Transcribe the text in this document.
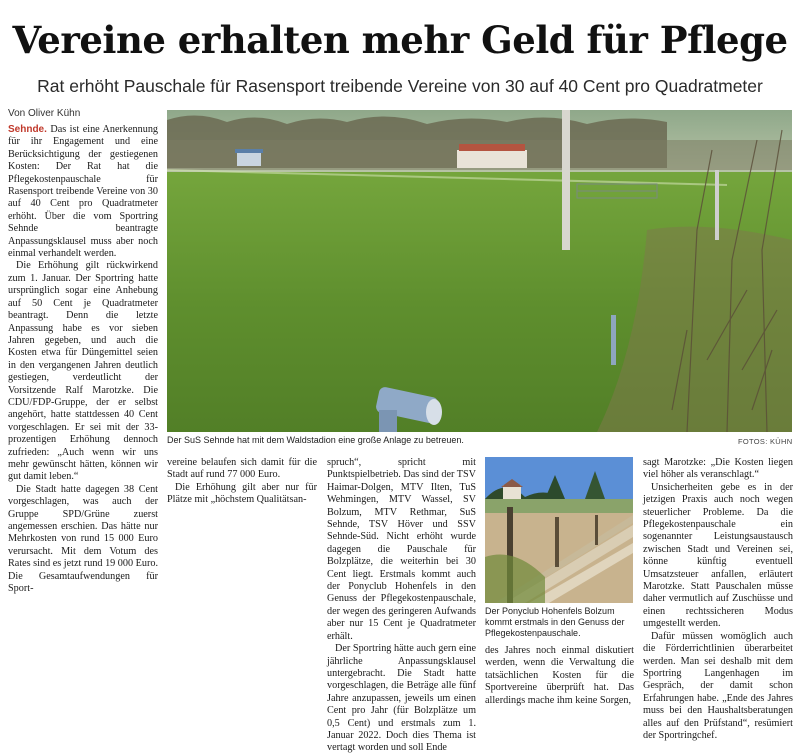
Vereine erhalten mehr Geld für Pflege
Rat erhöht Pauschale für Rasensport treibende Vereine von 30 auf 40 Cent pro Quadratmeter
Von Oliver Kühn

Sehnde. Das ist eine Anerkennung für ihr Engagement und eine Berücksichtigung der gestiegenen Kosten: Der Rat hat die Pflegekostenpauschale für Rasensport treibende Vereine von 30 auf 40 Cent pro Quadratmeter erhöht. Über die vom Sportring Sehnde beantragte Anpassungsklausel muss aber noch einmal verhandelt werden.

Die Erhöhung gilt rückwirkend zum 1. Januar. Der Sportring hatte ursprünglich sogar eine Anhebung auf 50 Cent je Quadratmeter beantragt. Denn die letzte Anpassung habe es vor sieben Jahren gegeben, und auch die Kosten etwa für Düngemittel seien in den vergangenen Jahren deutlich gestiegen, verdeutlicht der Vorsitzende Ralf Marotzke. Die CDU/FDP-Gruppe, der er selbst angehört, hatte stattdessen 40 Cent vorgeschlagen. Er sei mit der 33-prozentigen Erhöhung dennoch zufrieden: „Auch wenn wir uns mehr gewünscht hätten, können wir gut damit leben.“

Die Stadt hatte dagegen 38 Cent vorgeschlagen, was auch der Gruppe SPD/Grüne zuerst angemessen erschien. Das hätte nur Mehrkosten von rund 15 000 Euro verursacht. Mit dem Votum des Rates sind es jetzt rund 19 000 Euro. Die Gesamtaufwendungen für Sport-

Der SuS Sehnde hat mit dem Waldstadion eine große Anlage zu betreuen.	FOTOS: KÜHN

vereine belaufen sich damit für die Stadt auf rund 77 000 Euro.

Die Erhöhung gilt aber nur für Plätze mit „höchstem Qualitätsan-

spruch“, spricht mit Punktspielbetrieb. Das sind der TSV Haimar-Dolgen, MTV Ilten, TuS Wehmingen, MTV Wassel, SV Bolzum, MTV Rethmar, SuS Sehnde, TSV Höver und SSV Sehnde-Süd. Nicht erhöht wurde dagegen die Pauschale für Bolzplätze, die weiterhin bei 30 Cent liegt. Erstmals kommt auch der Ponyclub Hohenfels in den Genuss der Pflegekostenpauschale, der wegen des geringeren Aufwands aber nur 15 Cent je Quadratmeter erhält.

Der Sportring hätte auch gern eine jährliche Anpassungsklausel untergebracht. Die Stadt hatte vorgeschlagen, die Beträge alle fünf Jahre anzupassen, jeweils um einen Cent pro Jahr (für Bolzplätze um 0,5 Cent) und erstmals zum 1. Januar 2022. Doch dies Thema ist vertagt worden und soll Ende

Der Ponyclub Hohenfels Bolzum kommt erstmals in den Genuss der Pflegekostenpauschale.

des Jahres noch einmal diskutiert werden, wenn die Verwaltung die tatsächlichen Kosten für die Sportvereine überprüft hat. Das allerdings mache ihm keine Sorgen,

sagt Marotzke: „Die Kosten liegen viel höher als veranschlagt.“

Unsicherheiten gebe es in der jetzigen Praxis auch noch wegen steuerlicher Probleme. Da die Pflegekostenpauschale ein sogenannter Leistungsaustausch zwischen Stadt und Vereinen sei, könne künftig eventuell Umsatzsteuer anfallen, erläutert Marotzke. Statt Pauschalen müsse daher vermutlich auf Zuschüsse und einen rechtssicheren Modus umgestellt werden.

Dafür müssen womöglich auch die Förderrichtlinien überarbeitet werden. Man sei deshalb mit dem Sportring Langenhagen im Gespräch, der damit schon Erfahrungen habe. „Ende des Jahres muss bei den Haushaltsberatungen alles auf den Prüfstand“, resümiert der Sportringchef.
